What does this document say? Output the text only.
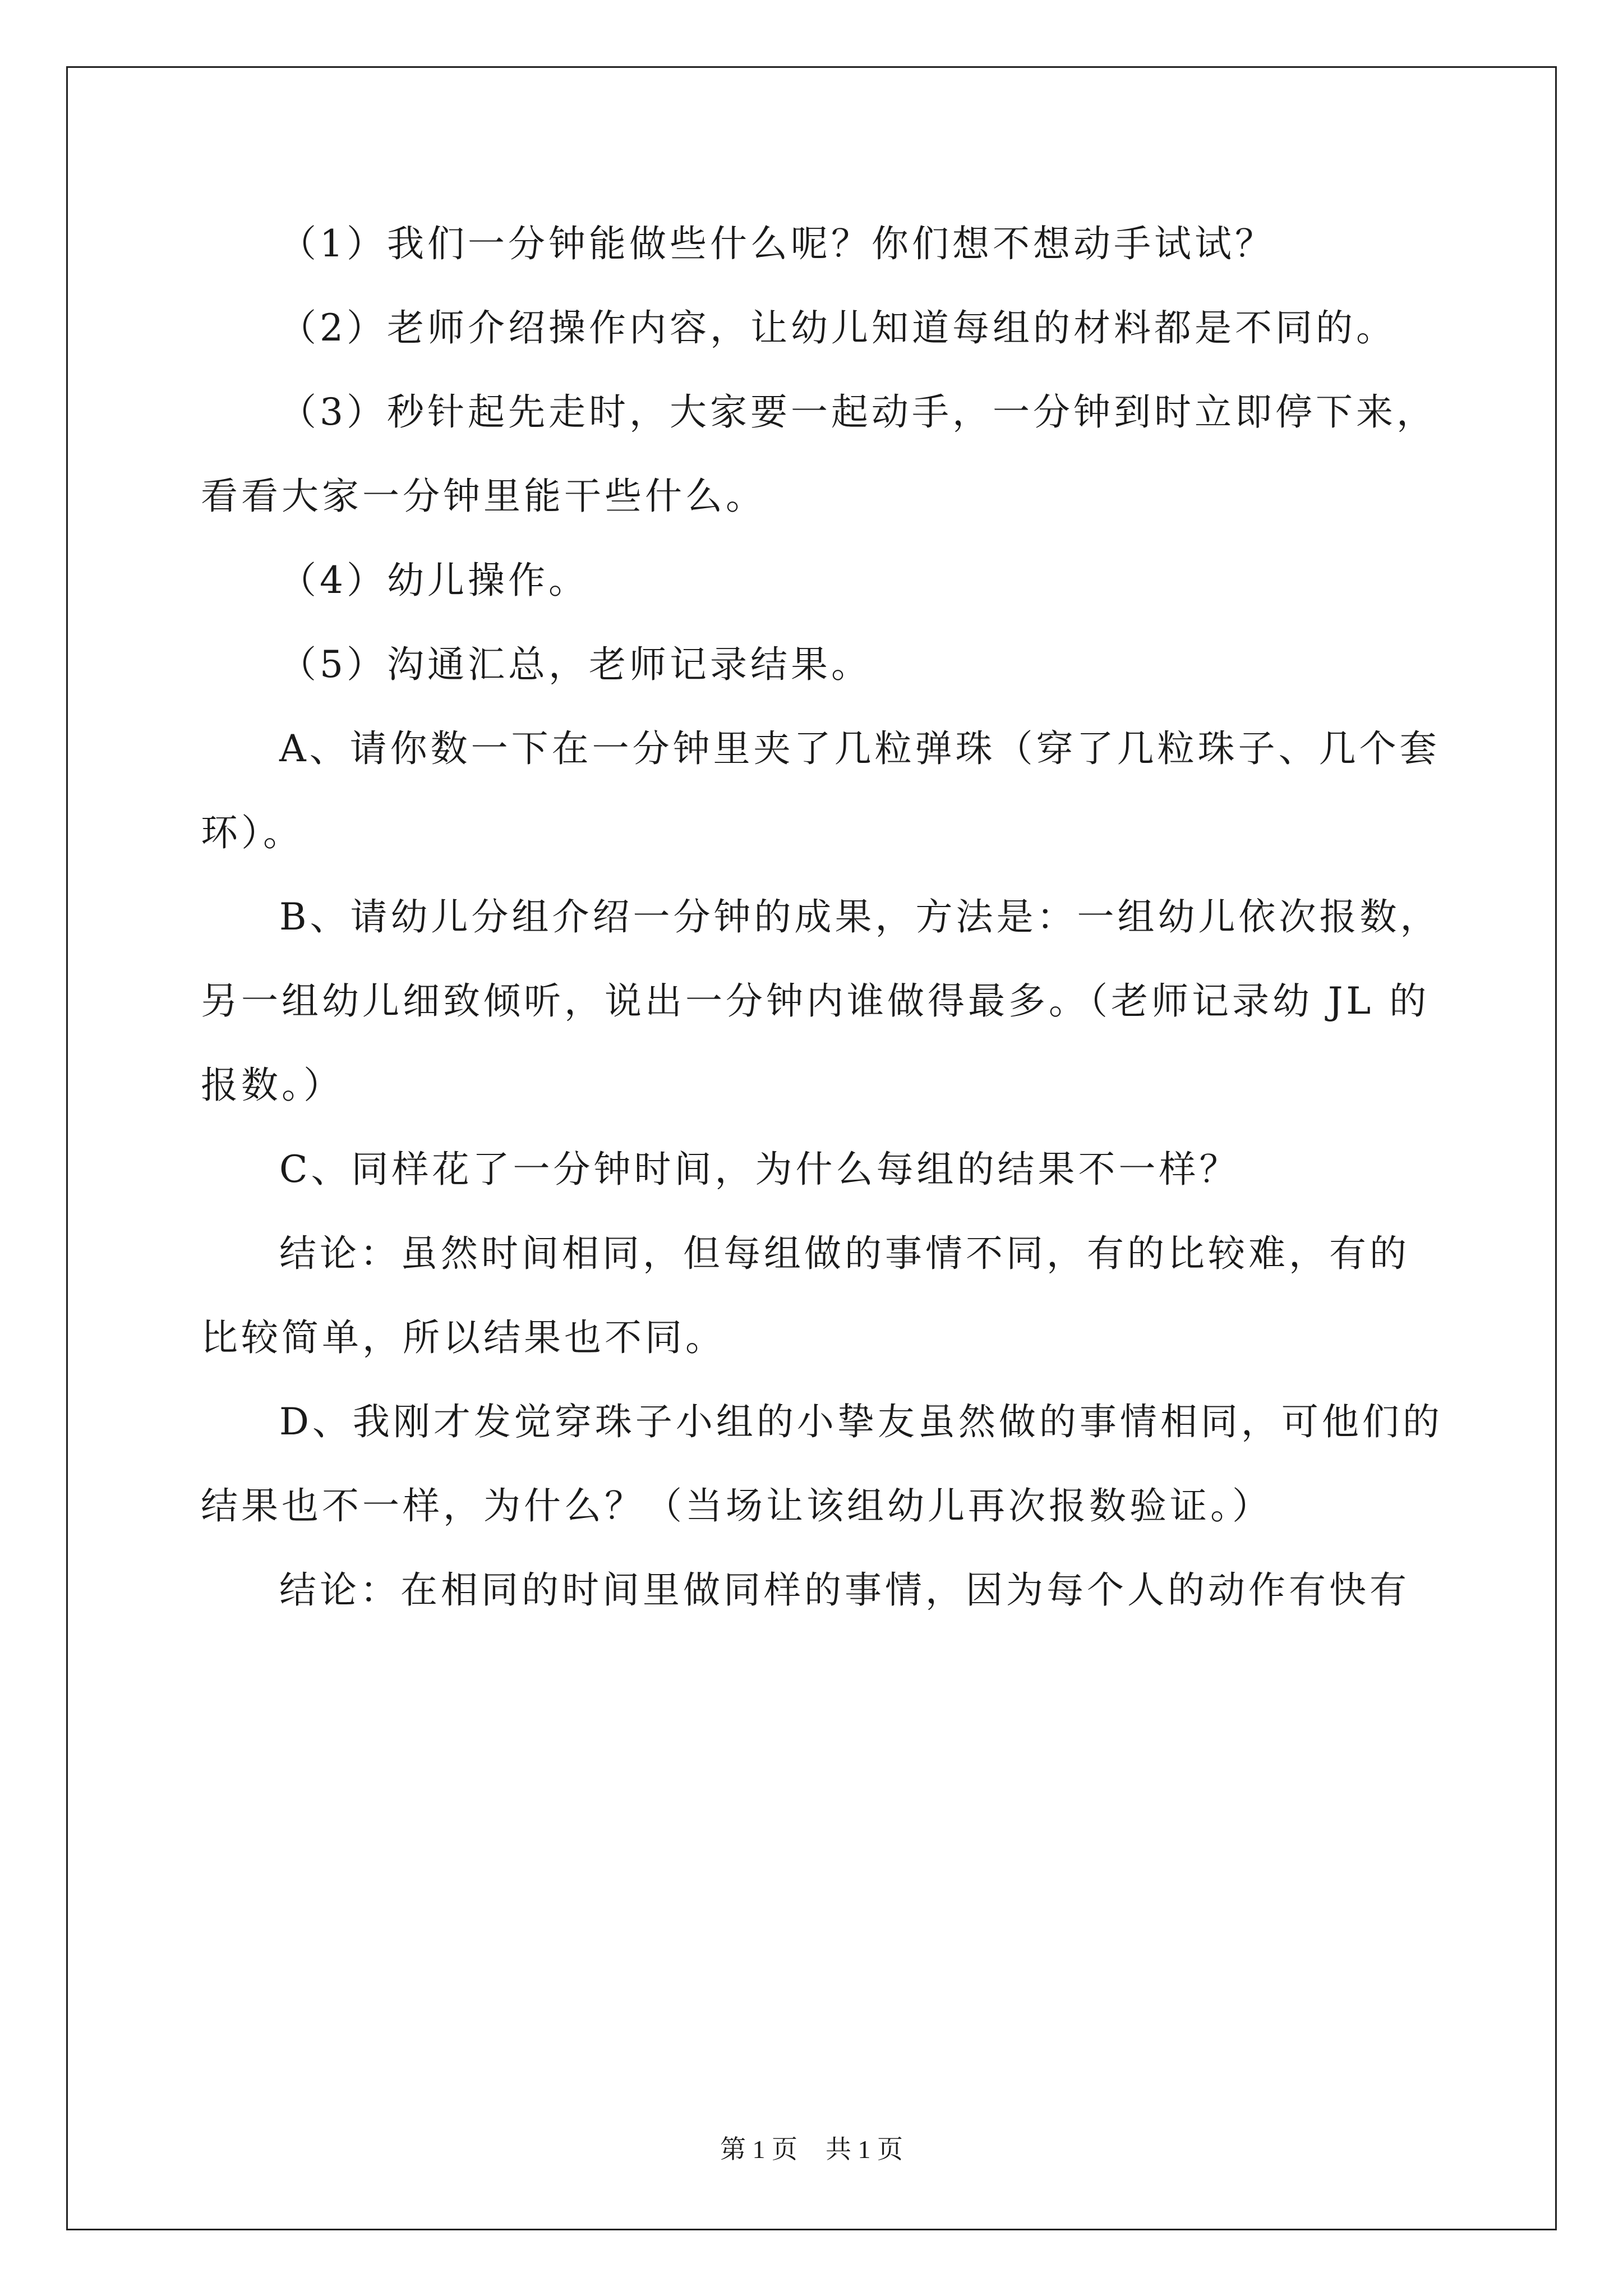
（1）我们一分钟能做些什么呢？你们想不想动手试试？

（2）老师介绍操作内容，让幼儿知道每组的材料都是不同的。

（3）秒针起先走时，大家要一起动手，一分钟到时立即停下来，

看看大家一分钟里能干些什么。

（4）幼儿操作。

（5）沟通汇总，老师记录结果。

A、请你数一下在一分钟里夹了几粒弹珠（穿了几粒珠子、几个套

环）。

B、请幼儿分组介绍一分钟的成果，方法是：一组幼儿依次报数，

另一组幼儿细致倾听，说出一分钟内谁做得最多。（老师记录幼 JL 的

报数。）

C、同样花了一分钟时间，为什么每组的结果不一样？

结论：虽然时间相同，但每组做的事情不同，有的比较难，有的

比较简单，所以结果也不同。

D、我刚才发觉穿珠子小组的小挚友虽然做的事情相同，可他们的

结果也不一样，为什么？（当场让该组幼儿再次报数验证。）

结论：在相同的时间里做同样的事情，因为每个人的动作有快有

第 1 页 共 1 页
